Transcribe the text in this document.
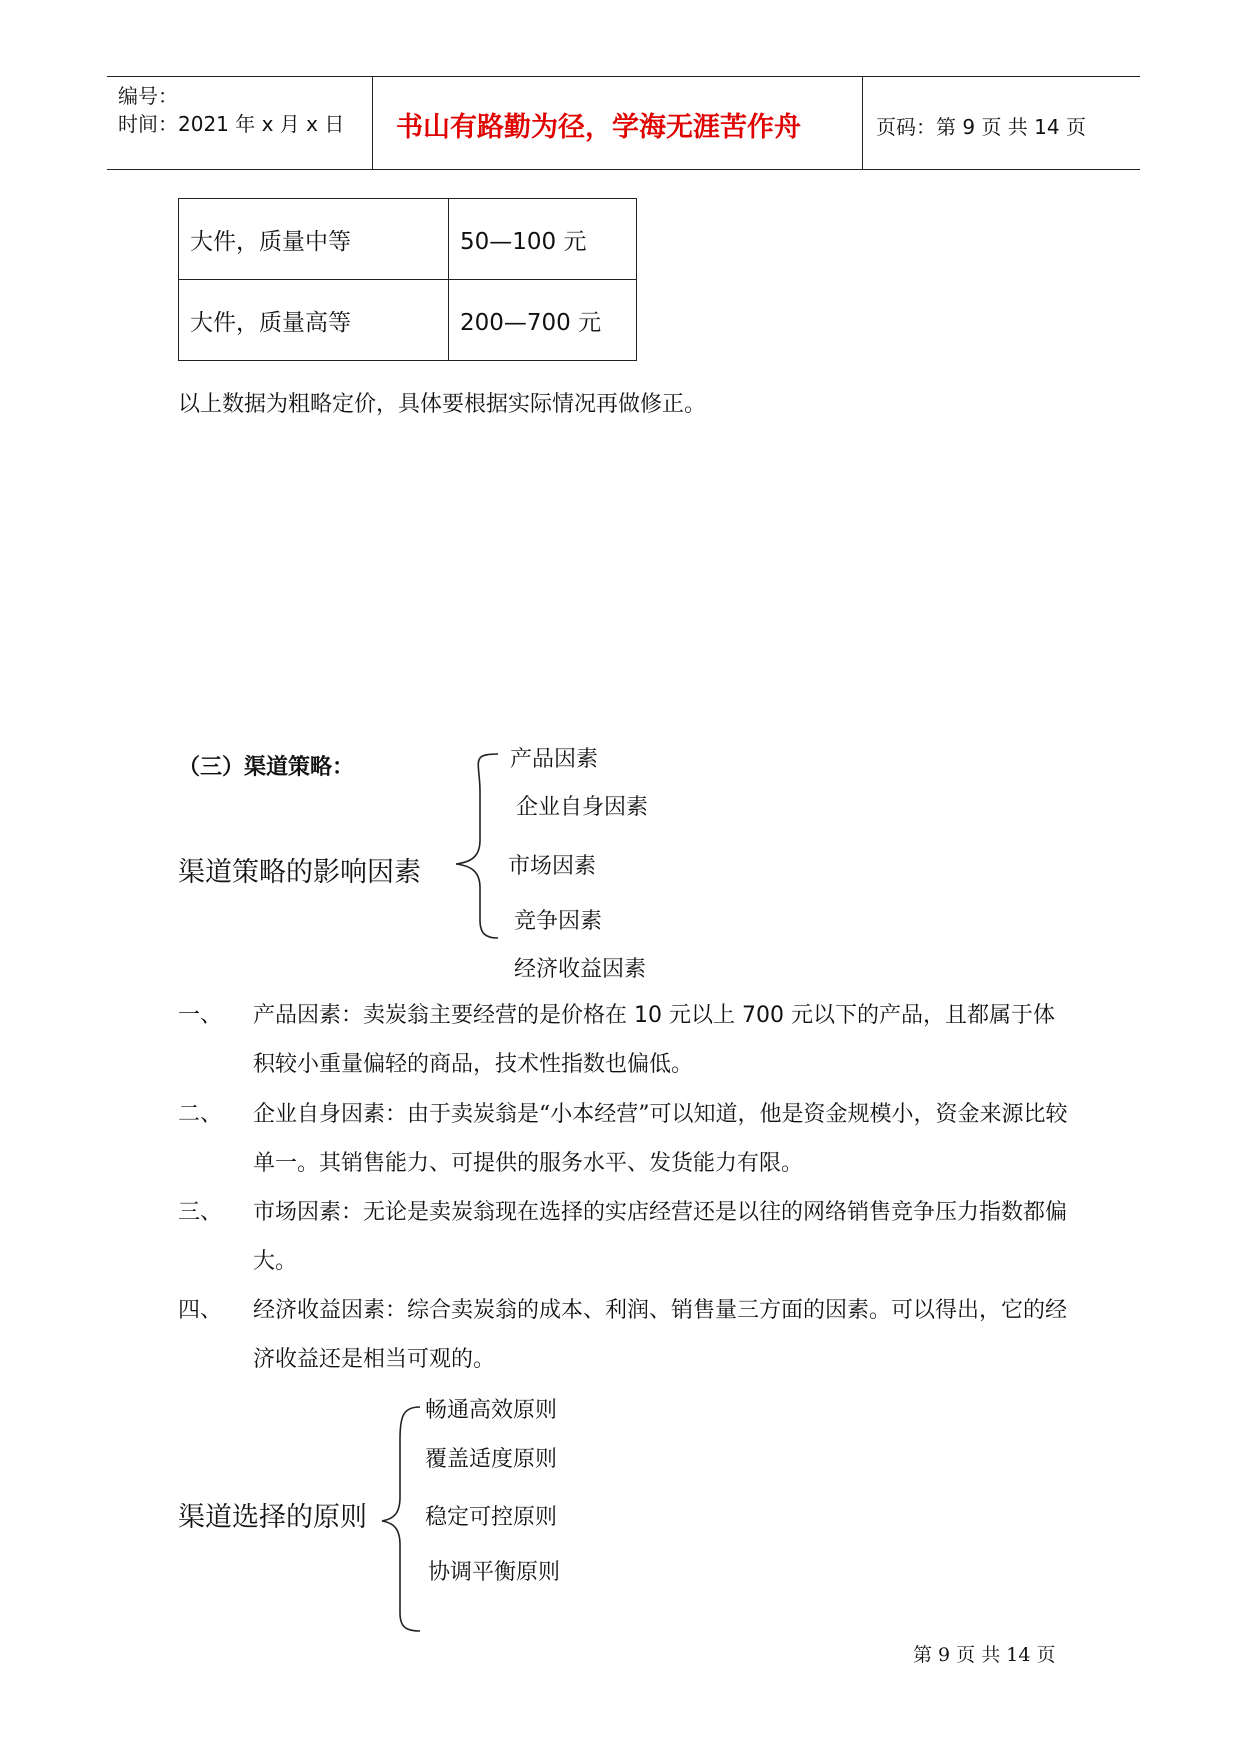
编号：
时间：2021 年 x 月 x 日 书山有路勤为径，学海无涯苦作舟	页码：第 9 页 共 14 页
大件，质量中等	50—100 元
大件，质量高等	200—700 元
以上数据为粗略定价，具体要根据实际情况再做修正。
（三）渠道策略：
渠道策略的影响因素
产品因素
企业自身因素
市场因素
竞争因素
经济收益因素
一、 产品因素：卖炭翁主要经营的是价格在 10 元以上 700 元以下的产品，且都属于体积较小重量偏轻的商品，技术性指数也偏低。
二、 企业自身因素：由于卖炭翁是“小本经营”可以知道，他是资金规模小，资金来源比较单一。其销售能力、可提供的服务水平、发货能力有限。
三、 市场因素：无论是卖炭翁现在选择的实店经营还是以往的网络销售竞争压力指数都偏大。
四、 经济收益因素：综合卖炭翁的成本、利润、销售量三方面的因素。可以得出，它的经济收益还是相当可观的。
渠道选择的原则
畅通高效原则
覆盖适度原则
稳定可控原则
协调平衡原则
第 9 页 共 14 页
